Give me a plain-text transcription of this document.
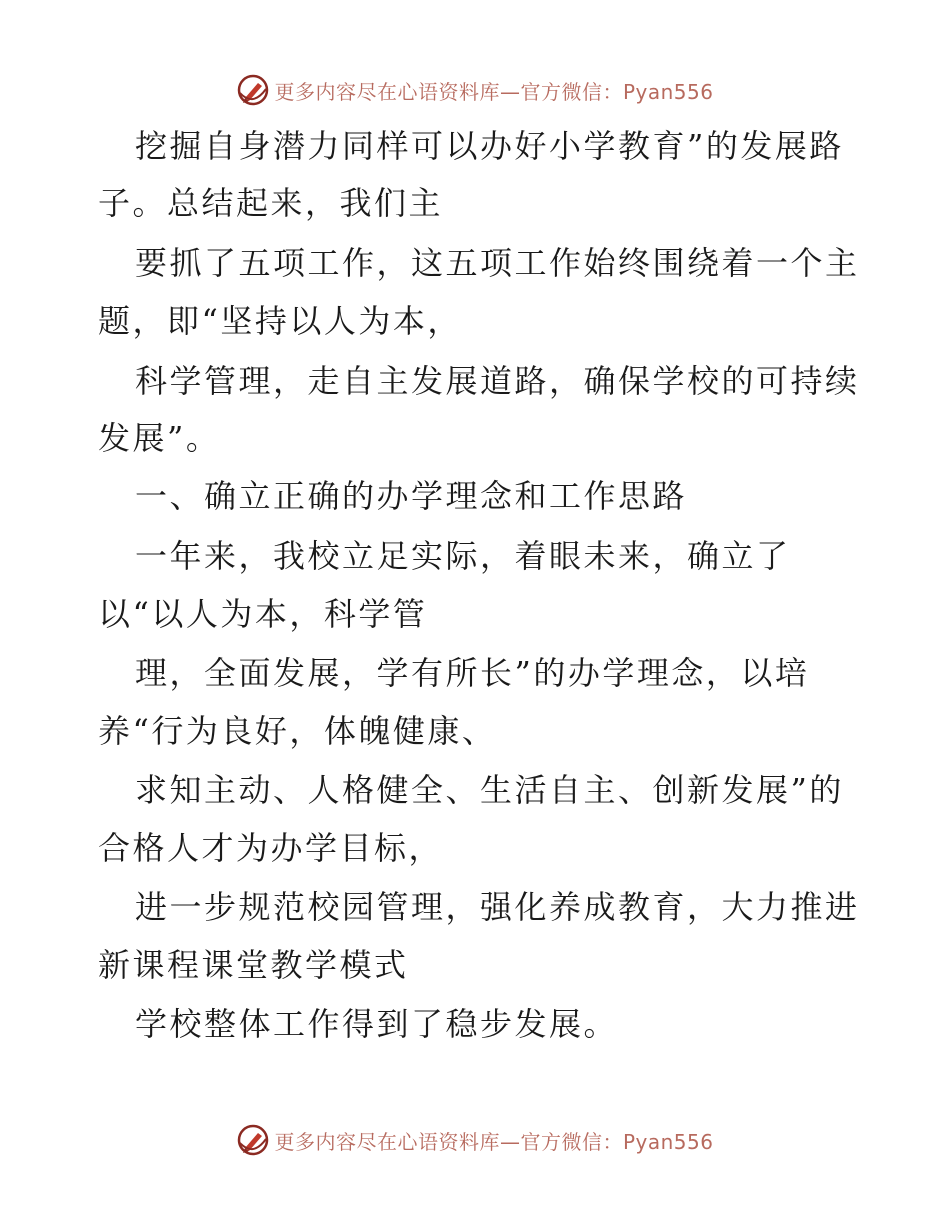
更多内容尽在心语资料库—官方微信：Pyan556
挖掘自身潜力同样可以办好小学教育”的发展路
子。总结起来，我们主
要抓了五项工作，这五项工作始终围绕着一个主
题，即“坚持以人为本，
科学管理，走自主发展道路，确保学校的可持续
发展”。
一、确立正确的办学理念和工作思路
一年来，我校立足实际，着眼未来，确立了
以“以人为本，科学管
理，全面发展，学有所长”的办学理念，以培
养“行为良好，体魄健康、
求知主动、人格健全、生活自主、创新发展”的
合格人才为办学目标，
进一步规范校园管理，强化养成教育，大力推进
新课程课堂教学模式
学校整体工作得到了稳步发展。
更多内容尽在心语资料库—官方微信：Pyan556
